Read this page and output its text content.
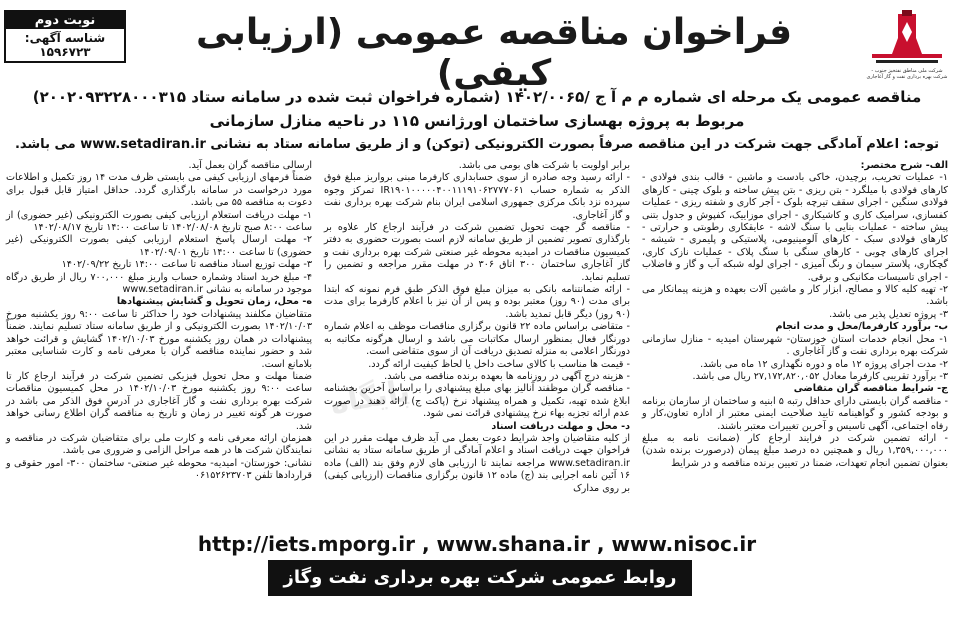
شرکت ملی مناطق نفتخیز جنوب - شرکت بهره برداری نفت و گاز آغاجاری
فراخوان مناقصه عمومی (ارزیابی کیفی)
نوبت دوم
شناسه آگهی: ۱۵۹۶۷۲۳
مناقصه عمومی یک مرحله ای شماره م م آ ج /۱۴۰۲/۰۰۶۵ (شماره فراخوان ثبت شده در سامانه ستاد ۲۰۰۲۰۹۳۲۲۸۰۰۰۳۱۵)
مربوط به پروژه بهسازی ساختمان اورژانس ۱۱۵ در ناحیه منازل سازمانی
توجه: اعلام آمادگی جهت شرکت در این مناقصه صرفاً بصورت الکترونیکی (توکن) و از طریق سامانه ستاد به نشانی www.setadiran.ir می باشد.

الف- شرح مختصر:

۱- عملیات تخریب، برچیدن، خاکی بادست و ماشین - قالب بندی فولادی - کارهای فولادی با میلگرد - بتن ریزی - بتن پیش ساخته و بلوک چینی - کارهای فولادی سنگین - اجرای سقف تیرچه بلوک - آجر کاری و شفته ریزی - عملیات کفسازی، سرامیک کاری و کاشیکاری - اجرای موزاییک، کفپوش و جدول بتنی پیش ساخته - عملیات بنایی با سنگ لاشه - عایقکاری رطوبتی و حرارتی - کارهای فولادی سبک - کارهای آلومینیومی، پلاستیکی و پلیمری - شیشه - اجرای کارهای چوبی - کارهای سنگی با سنگ پلاک - عملیات نازک کاری، گچکاری، پلاستر سیمان و رنگ آمیزی - اجرای لوله شبکه آب و گاز و فاضلاب - اجرای تاسیسات مکانیکی و برقی.

۲- تهیه کلیه کالا و مصالح، ابزار کار و ماشین آلات بعهده و هزینه پیمانکار می باشد.

۳- پروژه تعدیل پذیر می باشد.

ب- برآورد کارفرما/محل و مدت انجام

۱- محل انجام خدمات استان خوزستان- شهرستان امیدیه - منازل سازمانی شرکت بهره برداری نفت و گاز آغاجاری .

۲- مدت اجرای پروژه ۱۲ ماه و دوره نگهداری ۱۲ ماه می باشد.

۳- برآورد تقریبی کارفرما معادل ۲۷,۱۷۲,۸۲۰,۰۵۲ ریال می باشد.

ج- شرایط مناقصه گران متقاضی

- مناقصه گران بایستی دارای حداقل رتبه ۵ ابنیه و ساختمان از سازمان برنامه و بودجه کشور و گواهینامه تایید صلاحیت ایمنی معتبر از اداره تعاون،کار و رفاه اجتماعی، آگهی تاسیس و آخرین تغییرات معتبر باشند.

- ارائه تضمین شرکت در فرایند ارجاع کار (ضمانت نامه به مبلغ ۱,۳۵۹,۰۰۰,۰۰۰ ریال و همچنین ده درصد مبلغ پیمان (درصورت برنده شدن) بعنوان تضمین انجام تعهدات، ضمنا در تعیین برنده مناقصه و در شرایط

برابر اولویت با شرکت های بومی می باشد.

- ارائه رسید وجه صادره از سوی حسابداری کارفرما مبنی برواریز مبلغ فوق الذکر به شماره حساب IR۱۹۰۱۰۰۰۰۰۴۰۰۱۱۱۹۱۰۶۲۷۷۷۰۶۱ تمرکز وجوه سپرده نزد بانک مرکزی جمهوری اسلامی ایران بنام شرکت بهره برداری نفت و گاز آغاجاری.

- مناقصه گر جهت تحویل تضمین شرکت در فرآیند ارجاع کار علاوه بر بارگذاری تصویر تضمین از طریق سامانه لازم است بصورت حضوری به دفتر کمیسیون مناقصات در امیدیه محوطه غیر صنعتی شرکت بهره برداری نفت و گاز آغاجاری ساختمان ۳۰۰ اتاق ۳۰۶ در مهلت مقرر مراجعه و تضمین را تسلیم نماید.

- ارائه ضمانتنامه بانکی به میزان مبلغ فوق الذکر طبق فرم نمونه که ابتدا برای مدت (۹۰ روز) معتبر بوده و پس از آن نیز با اعلام کارفرما برای مدت (۹۰ روز) دیگر قابل تمدید باشد.

- متقاضی براساس ماده ۲۲ قانون برگزاری مناقصات موظف به اعلام شماره دورنگار فعال بمنظور ارسال مکاتبات می باشد و ارسال هرگونه مکاتبه به دورنگار اعلامی به منزله تصدیق دریافت آن از سوی متقاضی است.

- قیمت ها مناسب با کالای ساخت داخل یا لحاظ کیفیت ارائه گردد.

- هزینه درج آگهی در روزنامه ها بعهده برنده مناقصه می باشد.

- مناقصه گران موظفند آنالیز بهای مبلغ پیشنهادی را براساس آخرین بخشنامه ابلاغ شده تهیه، تکمیل و همراه پیشنهاد نرخ (پاکت ج) ارائه دهند در صورت عدم ارائه تجزیه بهاء نرخ پیشنهادی قرائت نمی شود.

د- محل و مهلت دریافت اسناد

از کلیه متقاضیان واجد شرایط دعوت بعمل می آید ظرف مهلت مقرر در این فراخوان جهت دریافت اسناد و اعلام آمادگی از طریق سامانه ستاد به نشانی www.setadiran.ir مراجعه نمایند تا ارزیابی های لازم وفق بند (الف) ماده ۱۶ آئین نامه اجرایی بند (ج) ماده ۱۲ قانون برگزاری مناقصات (ارزیابی کیفی) بر روی مدارک

ارسالی مناقصه گران بعمل آید.

ضمناً فرمهای ارزیابی کیفی می بایستی ظرف مدت ۱۴ روز تکمیل و اطلاعات مورد درخواست در سامانه بارگذاری گردد. حداقل امتیاز قابل قبول برای دعوت به مناقصه ۵۵ می باشد.

۱- مهلت دریافت استعلام ارزیابی کیفی بصورت الکترونیکی (غیر حضوری) از ساعت ۸:۰۰ صبح تاریخ ۱۴۰۲/۰۸/۰۸ تا ساعت ۱۴:۰۰ تاریخ ۱۴۰۲/۰۸/۱۷

۲- مهلت ارسال پاسخ استعلام ارزیابی کیفی بصورت الکترونیکی (غیر حضوری) تا ساعت ۱۴:۰۰ تاریخ ۱۴۰۲/۰۹/۰۱

۳- مهلت توزیع اسناد مناقصه تا ساعت ۱۴:۰۰ تاریخ ۱۴۰۲/۰۹/۲۲

۴- مبلغ خرید اسناد وشماره حساب واریز مبلغ ۷۰۰,۰۰۰ ریال از طریق درگاه موجود در سامانه به نشانی www.setadiran.ir

ه- محل، زمان تحویل و گشایش پیشنهادها

متقاضیان مکلفند پیشنهادات خود را حداکثر تا ساعت ۹:۰۰ روز یکشنبه مورخ ۱۴۰۲/۱۰/۰۳ بصورت الکترونیکی و از طریق سامانه ستاد تسلیم نمایند. ضمناً پیشنهادات در همان روز یکشنبه مورخ ۱۴۰۲/۱۰/۰۳ گشایش و قرائت خواهد شد و حضور نماینده مناقصه گران با معرفی نامه و کارت شناسایی معتبر بلامانع است.

ضمنا مهلت و محل تحویل فیزیکی تضمین شرکت در فرآیند ارجاع کار تا ساعت ۹:۰۰ روز یکشنبه مورخ ۱۴۰۲/۱۰/۰۳ در محل کمیسیون مناقصات شرکت بهره برداری نفت و گاز آغاجاری در آدرس فوق الذکر می باشد در صورت هر گونه تغییر در زمان و تاریخ به مناقصه گران اطلاع رسانی خواهد شد.

همزمان ارائه معرفی نامه و کارت ملی برای متقاضیان شرکت در مناقصه و نمایندگان شرکت ها در همه مراحل الزامی و ضروری می باشد.

نشانی: خوزستان- امیدیه- محوطه غیر صنعتی- ساختمان ۳۰۰- امور حقوقی و قراردادها تلفن ۰۶۱۵۲۶۲۳۷۰۳

پایگاه
http://iets.mporg.ir , www.shana.ir , www.nisoc.ir
روابط عمومی شرکت بهره برداری نفت وگاز آغاجاری
